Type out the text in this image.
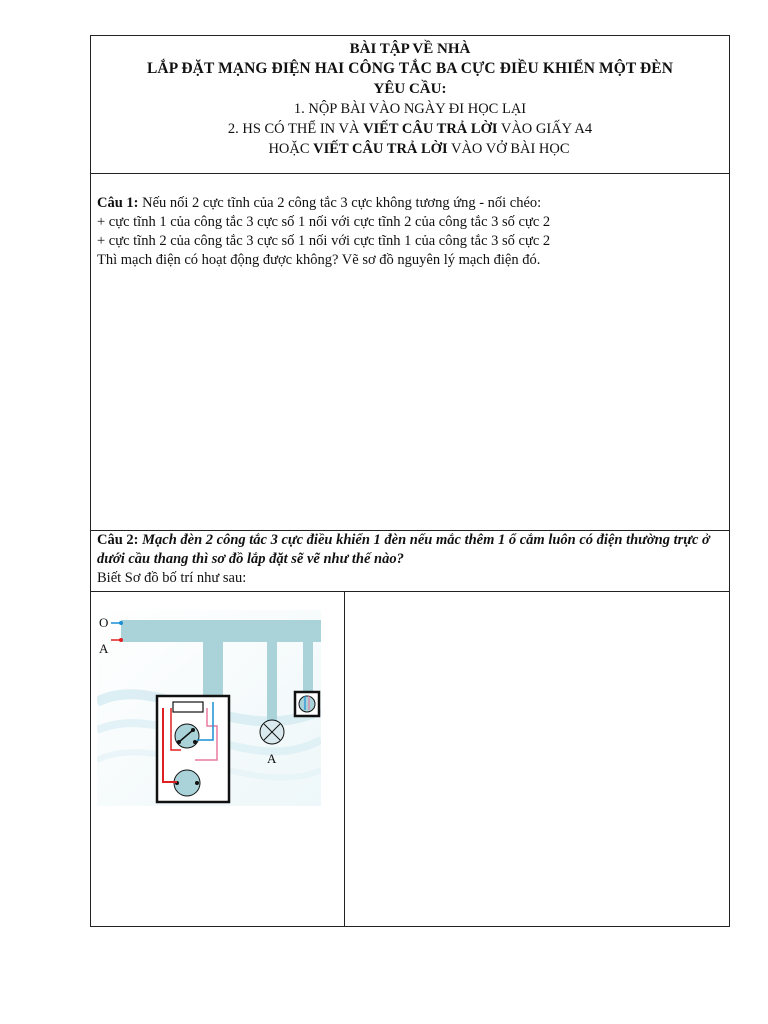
BÀI TẬP VỀ NHÀ
LẮP ĐẶT MẠNG ĐIỆN HAI CÔNG TẮC BA CỰC ĐIỀU KHIỂN MỘT ĐÈN
YÊU CẦU:
1. NỘP BÀI VÀO NGÀY ĐI HỌC LẠI
2. HS CÓ THỂ IN VÀ VIẾT CÂU TRẢ LỜI VÀO GIẤY A4
HOẶC VIẾT CÂU TRẢ LỜI VÀO VỞ BÀI HỌC
Câu 1: Nếu nối 2 cực tĩnh của 2 công tắc 3 cực không tương ứng - nối chéo:
+ cực tĩnh 1 của công tắc 3 cực số 1 nối với cực tĩnh 2 của công tắc 3 số cực 2
+ cực tĩnh 2 của công tắc 3 cực số 1 nối với cực tĩnh 1 của công tắc 3 số cực 2
Thì mạch điện có hoạt động được không? Vẽ sơ đồ nguyên lý mạch điện đó.
Câu 2: Mạch đèn 2 công tắc 3 cực điều khiển 1 đèn nếu mắc thêm 1 ổ cắm luôn có điện thường trực ở dưới cầu thang thì sơ đồ lắp đặt sẽ vẽ như thế nào?
Biết Sơ đồ bố trí như sau:
O
A
A
